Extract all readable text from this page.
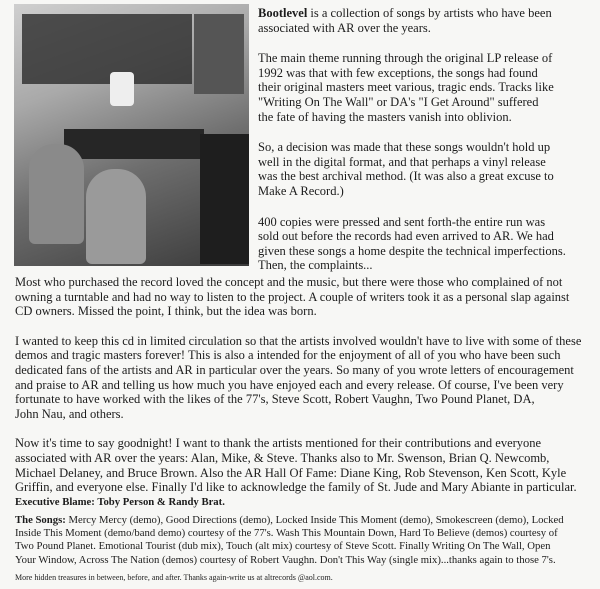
Bootlevel is a collection of songs by artists who have been
associated with AR over the years.
The main theme running through the original LP release of
1992 was that with few exceptions, the songs had found
their original masters meet various, tragic ends. Tracks like
"Writing On The Wall" or DA's "I Get Around" suffered
the fate of having the masters vanish into oblivion.
So, a decision was made that these songs wouldn't hold up
well in the digital format, and that perhaps a vinyl release
was the best archival method. (It was also a great excuse to
Make A Record.)
400 copies were pressed and sent forth-the entire run was
sold out before the records had even arrived to AR. We had
given these songs a home despite the technical imperfections.
Then, the complaints...
Most who purchased the record loved the concept and the music, but there were those who complained of not
owning a turntable and had no way to listen to the project. A couple of writers took it as a personal slap against
CD owners. Missed the point, I think, but the idea was born.
I wanted to keep this cd in limited circulation so that the artists involved wouldn't have to live with some of these
demos and tragic masters forever! This is also a intended for the enjoyment of all of you who have been such
dedicated fans of the artists and AR in particular over the years. So many of you wrote letters of encouragement
and praise to AR and telling us how much you have enjoyed each and every release. Of course, I've been very
fortunate to have worked with the likes of the 77's, Steve Scott, Robert Vaughn, Two Pound Planet, DA,
John Nau, and others.
Now it's time to say goodnight! I want to thank the artists mentioned for their contributions and everyone
associated with AR over the years: Alan, Mike, & Steve. Thanks also to Mr. Swenson, Brian Q. Newcomb,
Michael Delaney, and Bruce Brown. Also the AR Hall Of Fame: Diane King, Rob Stevenson, Ken Scott, Kyle
Griffin, and everyone else. Finally I'd like to acknowledge the family of St. Jude and Mary Abiante in particular.
Executive Blame: Toby Person & Randy Brat.
The Songs: Mercy Mercy (demo), Good Directions (demo), Locked Inside This Moment (demo), Smokescreen (demo), Locked
Inside This Moment (demo/band demo) courtesy of the 77's. Wash This Mountain Down, Hard To Believe (demos) courtesy of
Two Pound Planet. Emotional Tourist (dub mix), Touch (alt mix) courtesy of Steve Scott. Finally Writing On The Wall, Open
Your Window, Across The Nation (demos) courtesy of Robert Vaughn. Don't This Way (single mix)...thanks again to those 7's.
More hidden treasures in between, before, and after. Thanks again-write us at altrecords @aol.com.
